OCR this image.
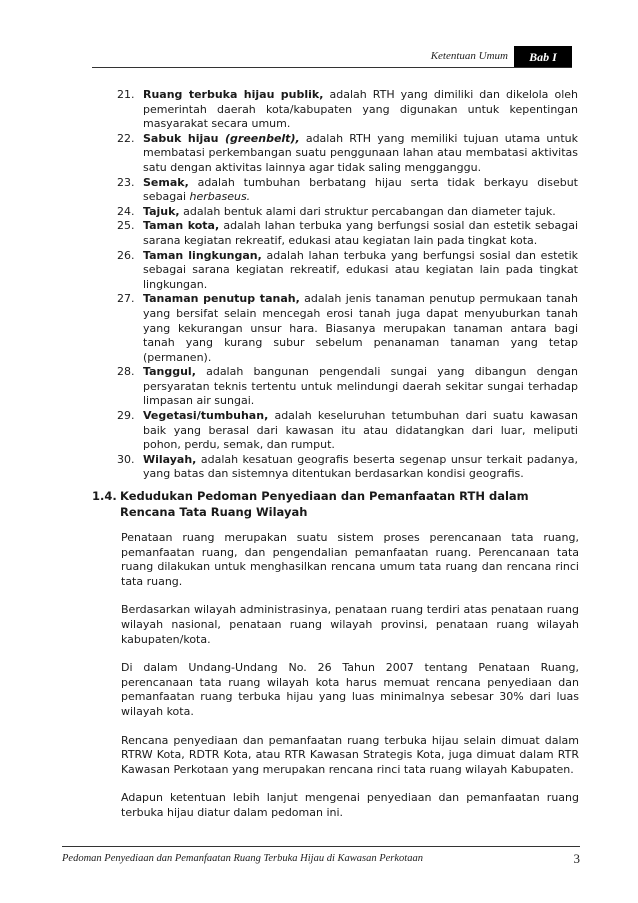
Ketentuan Umum	Bab I
21. Ruang terbuka hijau publik, adalah RTH yang dimiliki dan dikelola oleh pemerintah daerah kota/kabupaten yang digunakan untuk kepentingan masyarakat secara umum.
22. Sabuk hijau (greenbelt), adalah RTH yang memiliki tujuan utama untuk membatasi perkembangan suatu penggunaan lahan atau membatasi aktivitas satu dengan aktivitas lainnya agar tidak saling mengganggu.
23. Semak, adalah tumbuhan berbatang hijau serta tidak berkayu disebut sebagai herbaseus.
24. Tajuk, adalah bentuk alami dari struktur percabangan dan diameter tajuk.
25. Taman kota, adalah lahan terbuka yang berfungsi sosial dan estetik sebagai sarana kegiatan rekreatif, edukasi atau kegiatan lain pada tingkat kota.
26. Taman lingkungan, adalah lahan terbuka yang berfungsi sosial dan estetik sebagai sarana kegiatan rekreatif, edukasi atau kegiatan lain pada tingkat lingkungan.
27. Tanaman penutup tanah, adalah jenis tanaman penutup permukaan tanah yang bersifat selain mencegah erosi tanah juga dapat menyuburkan tanah yang kekurangan unsur hara. Biasanya merupakan tanaman antara bagi tanah yang kurang subur sebelum penanaman tanaman yang tetap (permanen).
28. Tanggul, adalah bangunan pengendali sungai yang dibangun dengan persyaratan teknis tertentu untuk melindungi daerah sekitar sungai terhadap limpasan air sungai.
29. Vegetasi/tumbuhan, adalah keseluruhan tetumbuhan dari suatu kawasan baik yang berasal dari kawasan itu atau didatangkan dari luar, meliputi pohon, perdu, semak, dan rumput.
30. Wilayah, adalah kesatuan geografis beserta segenap unsur terkait padanya, yang batas dan sistemnya ditentukan berdasarkan kondisi geografis.
1.4. Kedudukan Pedoman Penyediaan dan Pemanfaatan RTH dalam Rencana Tata Ruang Wilayah

Penataan ruang merupakan suatu sistem proses perencanaan tata ruang, pemanfaatan ruang, dan pengendalian pemanfaatan ruang. Perencanaan tata ruang dilakukan untuk menghasilkan rencana umum tata ruang dan rencana rinci tata ruang.

Berdasarkan wilayah administrasinya, penataan ruang terdiri atas penataan ruang wilayah nasional, penataan ruang wilayah provinsi, penataan ruang wilayah kabupaten/kota.

Di dalam Undang-Undang No. 26 Tahun 2007 tentang Penataan Ruang, perencanaan tata ruang wilayah kota harus memuat rencana penyediaan dan pemanfaatan ruang terbuka hijau yang luas minimalnya sebesar 30% dari luas wilayah kota.

Rencana penyediaan dan pemanfaatan ruang terbuka hijau selain dimuat dalam RTRW Kota, RDTR Kota, atau RTR Kawasan Strategis Kota, juga dimuat dalam RTR Kawasan Perkotaan yang merupakan rencana rinci tata ruang wilayah Kabupaten.

Adapun ketentuan lebih lanjut mengenai penyediaan dan pemanfaatan ruang terbuka hijau diatur dalam pedoman ini.

Pedoman Penyediaan dan Pemanfaatan Ruang Terbuka Hijau di Kawasan Perkotaan	3
